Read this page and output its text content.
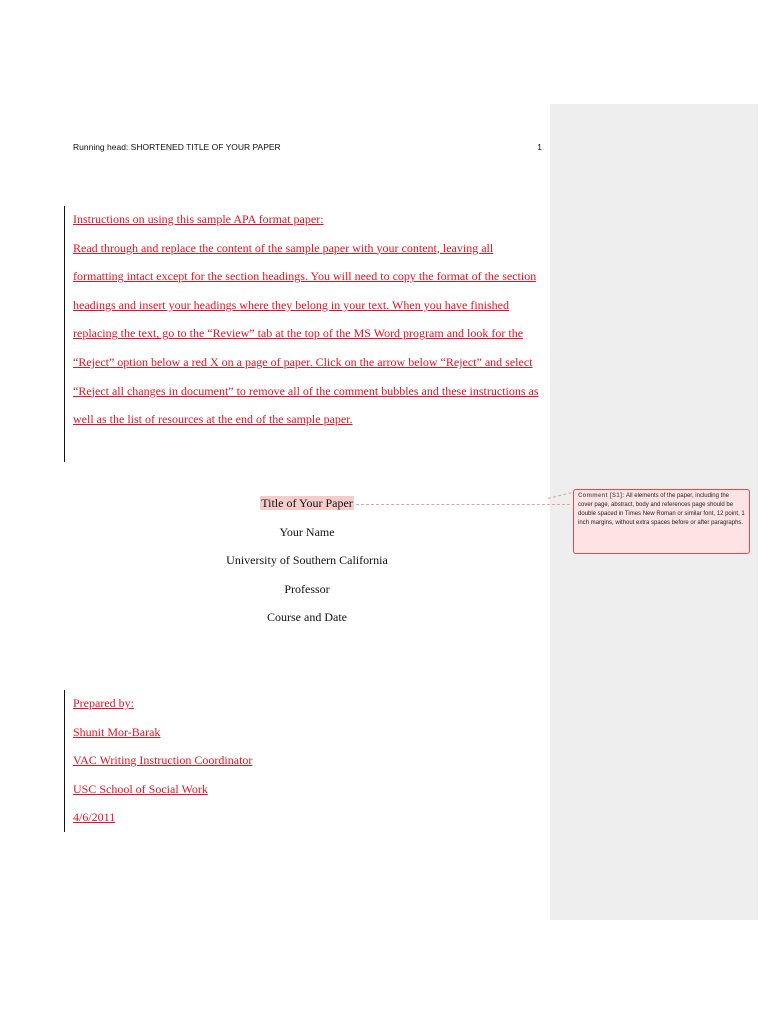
Running head: SHORTENED TITLE OF YOUR PAPER	1
Instructions on using this sample APA format paper:
Read through and replace the content of the sample paper with your content, leaving all
formatting intact except for the section headings. You will need to copy the format of the section
headings and insert your headings where they belong in your text. When you have finished
replacing the text, go to the “Review” tab at the top of the MS Word program and look for the
“Reject” option below a red X on a page of paper. Click on the arrow below “Reject” and select
“Reject all changes in document” to remove all of the comment bubbles and these instructions as
well as the list of resources at the end of the sample paper.
Title of Your Paper
Your Name
University of Southern California
Professor
Course and Date
Comment [S1]: All elements of the paper, including the cover page, abstract, body and references page should be double spaced in Times New Roman or similar font, 12 point, 1 inch margins, without extra spaces before or after paragraphs.
Prepared by:
Shunit Mor-Barak
VAC Writing Instruction Coordinator
USC School of Social Work
4/6/2011
